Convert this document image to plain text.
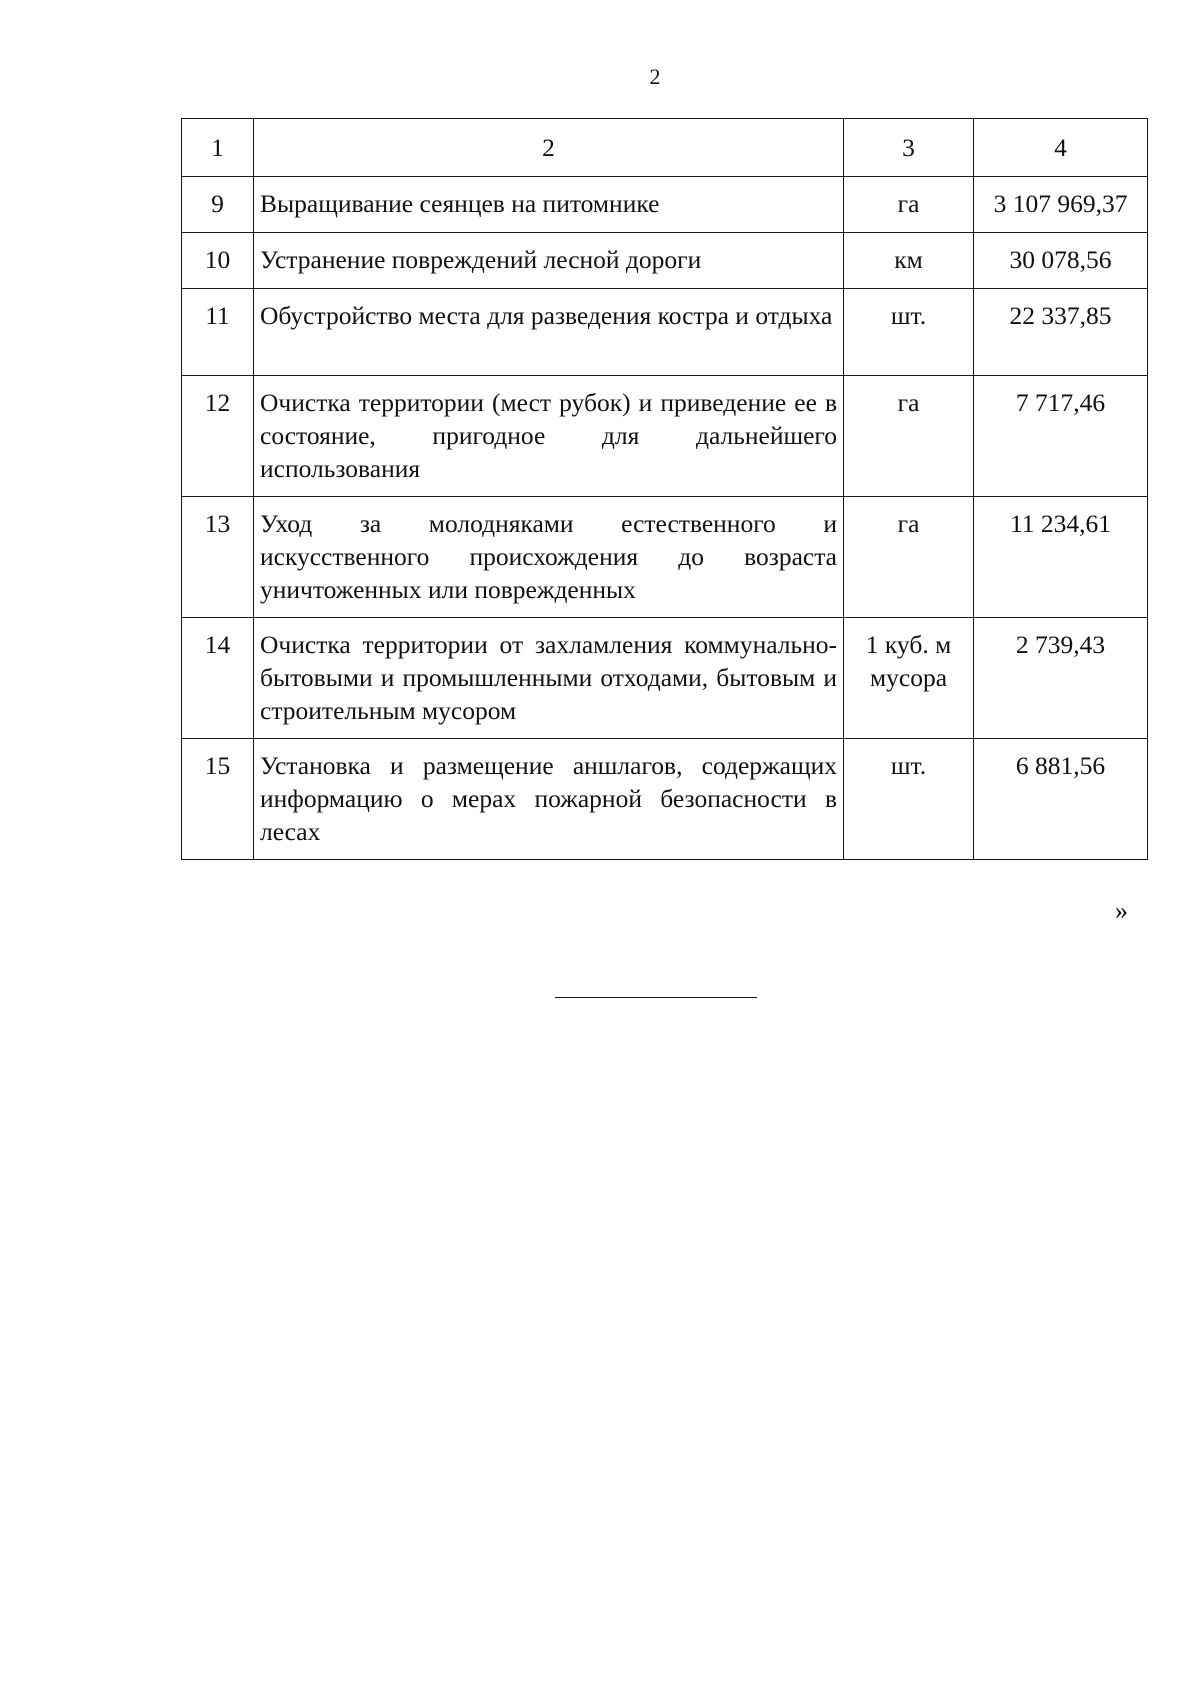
2
1	2	3	4
9	Выращивание сеянцев на питомнике	га	3 107 969,37
10	Устранение повреждений лесной дороги	км	30 078,56
11	Обустройство места для разведения костра и отдыха	шт.	22 337,85
12	Очистка территории (мест рубок) и приведение ее в состояние, пригодное для дальнейшего использования	га	7 717,46
13	Уход за молодняками естественного и искусственного происхождения до возраста уничтоженных или поврежденных	га	11 234,61
14	Очистка территории от захламления коммунально-бытовыми и промышленными отходами, бытовым и строительным мусором	1 куб. м мусора	2 739,43
15	Установка и размещение аншлагов, содержащих информацию о мерах пожарной безопасности в лесах	шт.	6 881,56
»
